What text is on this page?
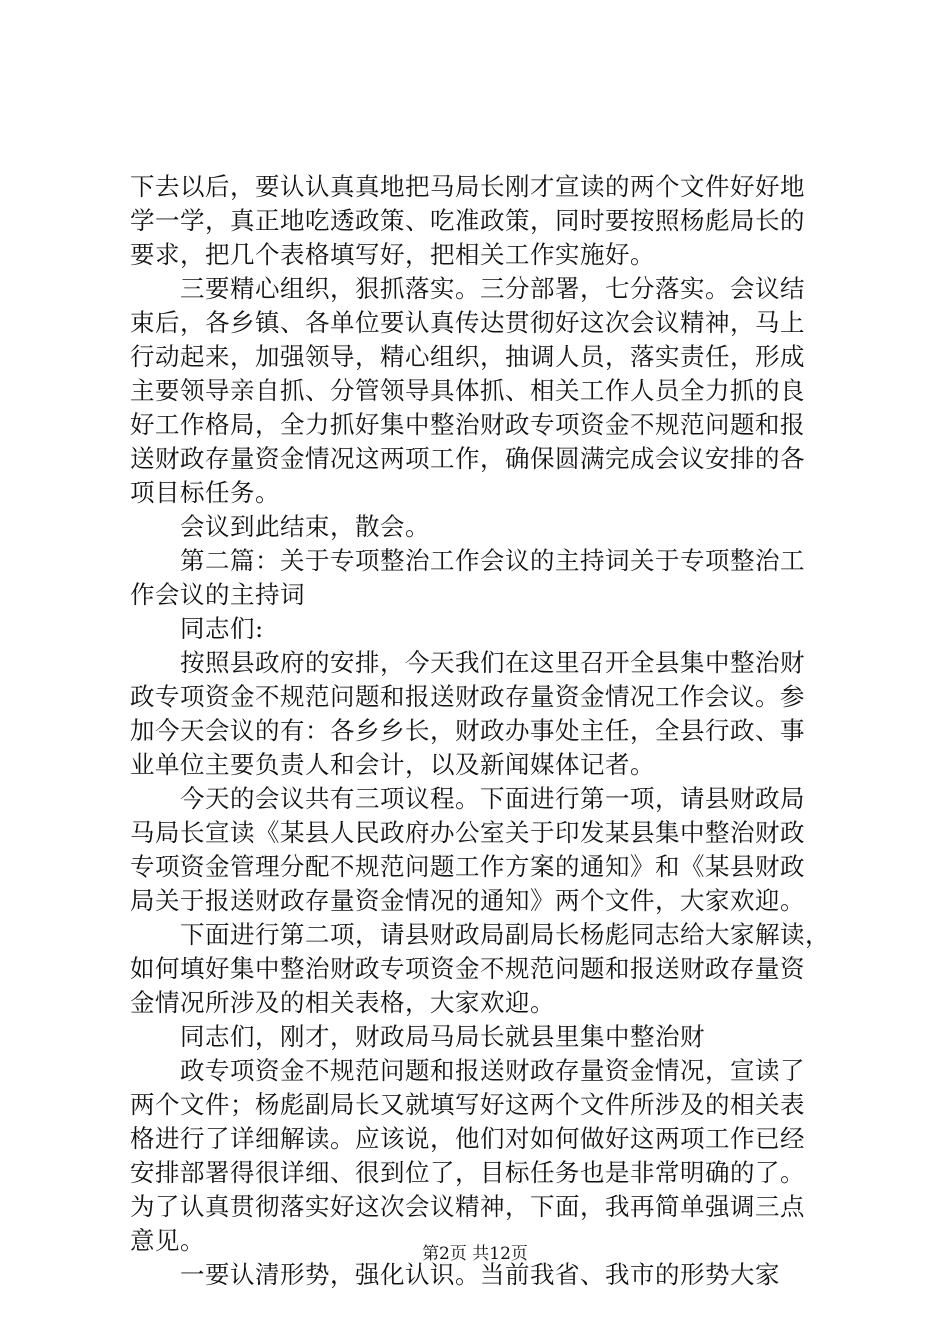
下去以后，要认认真真地把马局长刚才宣读的两个文件好好地
学一学，真正地吃透政策、吃准政策，同时要按照杨彪局长的
要求，把几个表格填写好，把相关工作实施好。
三要精心组织，狠抓落实。三分部署，七分落实。会议结
束后，各乡镇、各单位要认真传达贯彻好这次会议精神，马上
行动起来，加强领导，精心组织，抽调人员，落实责任，形成
主要领导亲自抓、分管领导具体抓、相关工作人员全力抓的良
好工作格局，全力抓好集中整治财政专项资金不规范问题和报
送财政存量资金情况这两项工作，确保圆满完成会议安排的各
项目标任务。
会议到此结束，散会。
第二篇：关于专项整治工作会议的主持词关于专项整治工
作会议的主持词
同志们:
按照县政府的安排，今天我们在这里召开全县集中整治财
政专项资金不规范问题和报送财政存量资金情况工作会议。参
加今天会议的有：各乡乡长，财政办事处主任，全县行政、事
业单位主要负责人和会计，以及新闻媒体记者。
今天的会议共有三项议程。下面进行第一项，请县财政局
马局长宣读《某县人民政府办公室关于印发某县集中整治财政
专项资金管理分配不规范问题工作方案的通知》和《某县财政
局关于报送财政存量资金情况的通知》两个文件，大家欢迎。
下面进行第二项，请县财政局副局长杨彪同志给大家解读，
如何填好集中整治财政专项资金不规范问题和报送财政存量资
金情况所涉及的相关表格，大家欢迎。
同志们，刚才，财政局马局长就县里集中整治财
政专项资金不规范问题和报送财政存量资金情况，宣读了
两个文件；杨彪副局长又就填写好这两个文件所涉及的相关表
格进行了详细解读。应该说，他们对如何做好这两项工作已经
安排部署得很详细、很到位了，目标任务也是非常明确的了。
为了认真贯彻落实好这次会议精神，下面，我再简单强调三点
意见。
一要认清形势，强化认识。当前我省、我市的形势大家
第2页 共12页
